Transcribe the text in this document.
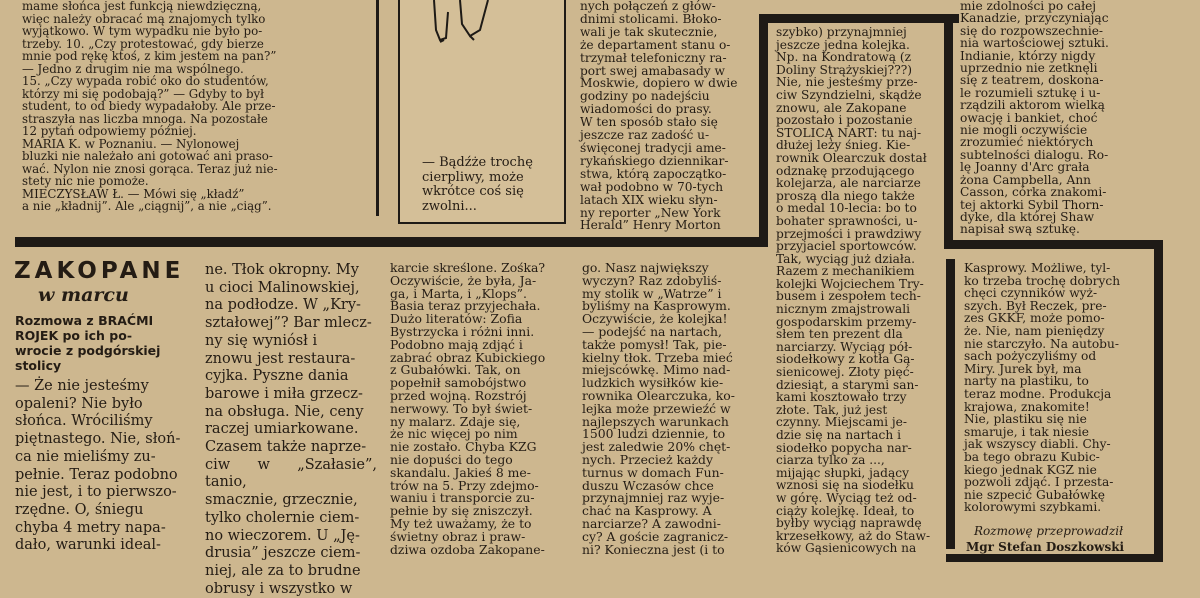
mame słońca jest funkcją niewdzięczną,

więc należy obracać mą znajomych tylko

wyjątkowo. W tym wypadku nie było po-

trzeby. 10. „Czy protestować, gdy bierze

mnie pod rękę ktoś, z kim jestem na pan?”

— Jedno z drugim nie ma wspólnego.

15. „Czy wypada robić oko do studentów,

którzy mi się podobają?” — Gdyby to był

student, to od biedy wypadałoby. Ale prze-

straszyła nas liczba mnoga. Na pozostałe

12 pytań odpowiemy później.

MARIA K. w Poznaniu. — Nylonowej

bluzki nie należało ani gotować ani praso-

wać. Nylon nie znosi gorąca. Teraz już nie-

stety nic nie pomoże.

MIECZYSŁAW Ł. — Mówi się „kładź”

a nie „kładnij”. Ale „ciągnij”, a nie „ciąg”.

— Bądźże trochę
cierpliwy, może
wkrótce coś się
zwolni...

nych połączeń z głów-

dnimi stolicami. Błoko-

wali je tak skutecznie,

że departament stanu o-

trzymał telefoniczny ra-

port swej amabasady w

Moskwie, dopiero w dwie

godziny po nadejściu

wiadomości do prasy.

W ten sposób stało się

jeszcze raz zadość u-

święconej tradycji ame-

rykańskiego dziennikar-

stwa, którą zapoczątko-

wał podobno w 70-tych

latach XIX wieku słyn-

ny reporter „New York

Herald” Henry Morton

szybko) przynajmniej

jeszcze jedna kolejka.

Np. na Kondratową (z

Doliny Strążyskiej???)

Nie, nie jesteśmy prze-

ciw Szyndzielni, skądże

znowu, ale Zakopane

pozostało i pozostanie

STOLICĄ NART: tu naj-

dłużej leży śnieg. Kie-

rownik Olearczuk dostał

odznakę przodującego

kolejarza, ale narciarze

proszą dla niego także

o medal 10-lecia: bo to

bohater sprawności, u-

przejmości i prawdziwy

przyjaciel sportowców.

Tak, wyciąg już działa.

Razem z mechanikiem

kolejki Wojciechem Try-

busem i zespołem tech-

nicznym zmajstrowali

gospodarskim przemy-

słem ten prezent dla

narciarzy. Wyciąg pół-

siodełkowy z kotła Gą-

sienicowej. Złoty pięć-

dziesiąt, a starymi san-

kami kosztowało trzy

złote. Tak, już jest

czynny. Miejscami je-

dzie się na nartach i

siodełko popycha nar-

ciarza tylko za ...,

mijając słupki, jadący

wznosi się na siodełku

w górę. Wyciąg też od-

ciąży kolejkę. Ideał, to

byłby wyciąg naprawdę

krzesełkowy, aż do Staw-

ków Gąsienicowych na

mie zdolności po całej

Kanadzie, przyczyniając

się do rozpowszechnie-

nia wartościowej sztuki.

Indianie, którzy nigdy

uprzednio nie zetknęli

się z teatrem, doskona-

le rozumieli sztukę i u-

rządzili aktorom wielką

owację i bankiet, choć

nie mogli oczywiście

zrozumieć niektórych

subtelności dialogu. Ro-

lę Joanny d'Arc grała

żona Campbella, Ann

Casson, córka znakomi-

tej aktorki Sybil Thorn-

dyke, dla której Shaw

napisał swą sztukę.

ZAKOPANE
w marcu
Rozmowa z BRAĆMI
ROJEK po ich po-
wrocie z podgórskiej
stolicy

— Że nie jesteśmy

opaleni? Nie było

słońca. Wróciliśmy

piętnastego. Nie, słoń-

ca nie mieliśmy zu-

pełnie. Teraz podobno

nie jest, i to pierwszo-

rzędne. O, śniegu

chyba 4 metry napa-

dało, warunki ideal-

ne. Tłok okropny. My

u cioci Malinowskiej,

na podłodze. W „Kry-

ształowej”? Bar mlecz-

ny się wyniósł i

znowu jest restaura-

cyjka. Pyszne dania

barowe i miła grzecz-

na obsługa. Nie, ceny

raczej umiarkowane.

Czasem także naprze-

ciw w „Szałasie”, tanio,

smacznie, grzecznie,

tylko cholernie ciem-

no wieczorem. U „Ję-

drusia” jeszcze ciem-

niej, ale za to brudne

obrusy i wszystko w

karcie skreślone. Zośka?

Oczywiście, że była, Ja-

ga, i Marta, i „Klops”.

Basia teraz przyjechała.

Dużo literatów: Zofia

Bystrzycka i różni inni.

Podobno mają zdjąć i

zabrać obraz Kubickiego

z Gubałówki. Tak, on

popełnił samobójstwo

przed wojną. Rozstrój

nerwowy. To był świet-

ny malarz. Zdaje się,

że nic więcej po nim

nie zostało. Chyba KZG

nie dopuści do tego

skandalu. Jakieś 8 me-

trów na 5. Przy zdejmo-

waniu i transporcie zu-

pełnie by się zniszczył.

My też uważamy, że to

świetny obraz i praw-

dziwa ozdoba Zakopane-

go. Nasz największy

wyczyn? Raz zdobyliś-

my stolik w „Watrze” i

byliśmy na Kasprowym.

Oczywiście, że kolejka!

— podejść na nartach,

także pomysł! Tak, pie-

kielny tłok. Trzeba mieć

miejscówkę. Mimo nad-

ludzkich wysiłków kie-

rownika Olearczuka, ko-

lejka może przewieźć w

najlepszych warunkach

1500 ludzi dziennie, to

jest zaledwie 20% chęt-

nych. Przecież każdy

turnus w domach Fun-

duszu Wczasów chce

przynajmniej raz wyje-

chać na Kasprowy. A

narciarze? A zawodni-

cy? A goście zagranicz-

ni? Konieczna jest (i to

Kasprowy. Możliwe, tyl-

ko trzeba trochę dobrych

chęci czynników wyż-

szych. Był Reczek, pre-

zes GKKF, może pomo-

że. Nie, nam pieniędzy

nie starczyło. Na autobu-

sach pożyczyliśmy od

Miry. Jurek był, ma

narty na plastiku, to

teraz modne. Produkcja

krajowa, znakomite!

Nie, plastiku się nie

smaruje, i tak niesie

jak wszyscy diabli. Chy-

ba tego obrazu Kubic-

kiego jednak KGZ nie

pozwoli zdjąć. I przesta-

nie szpecić Gubałówkę

kolorowymi szybkami.

Rozmowę przeprowadził
Mgr Stefan Doszkowski
